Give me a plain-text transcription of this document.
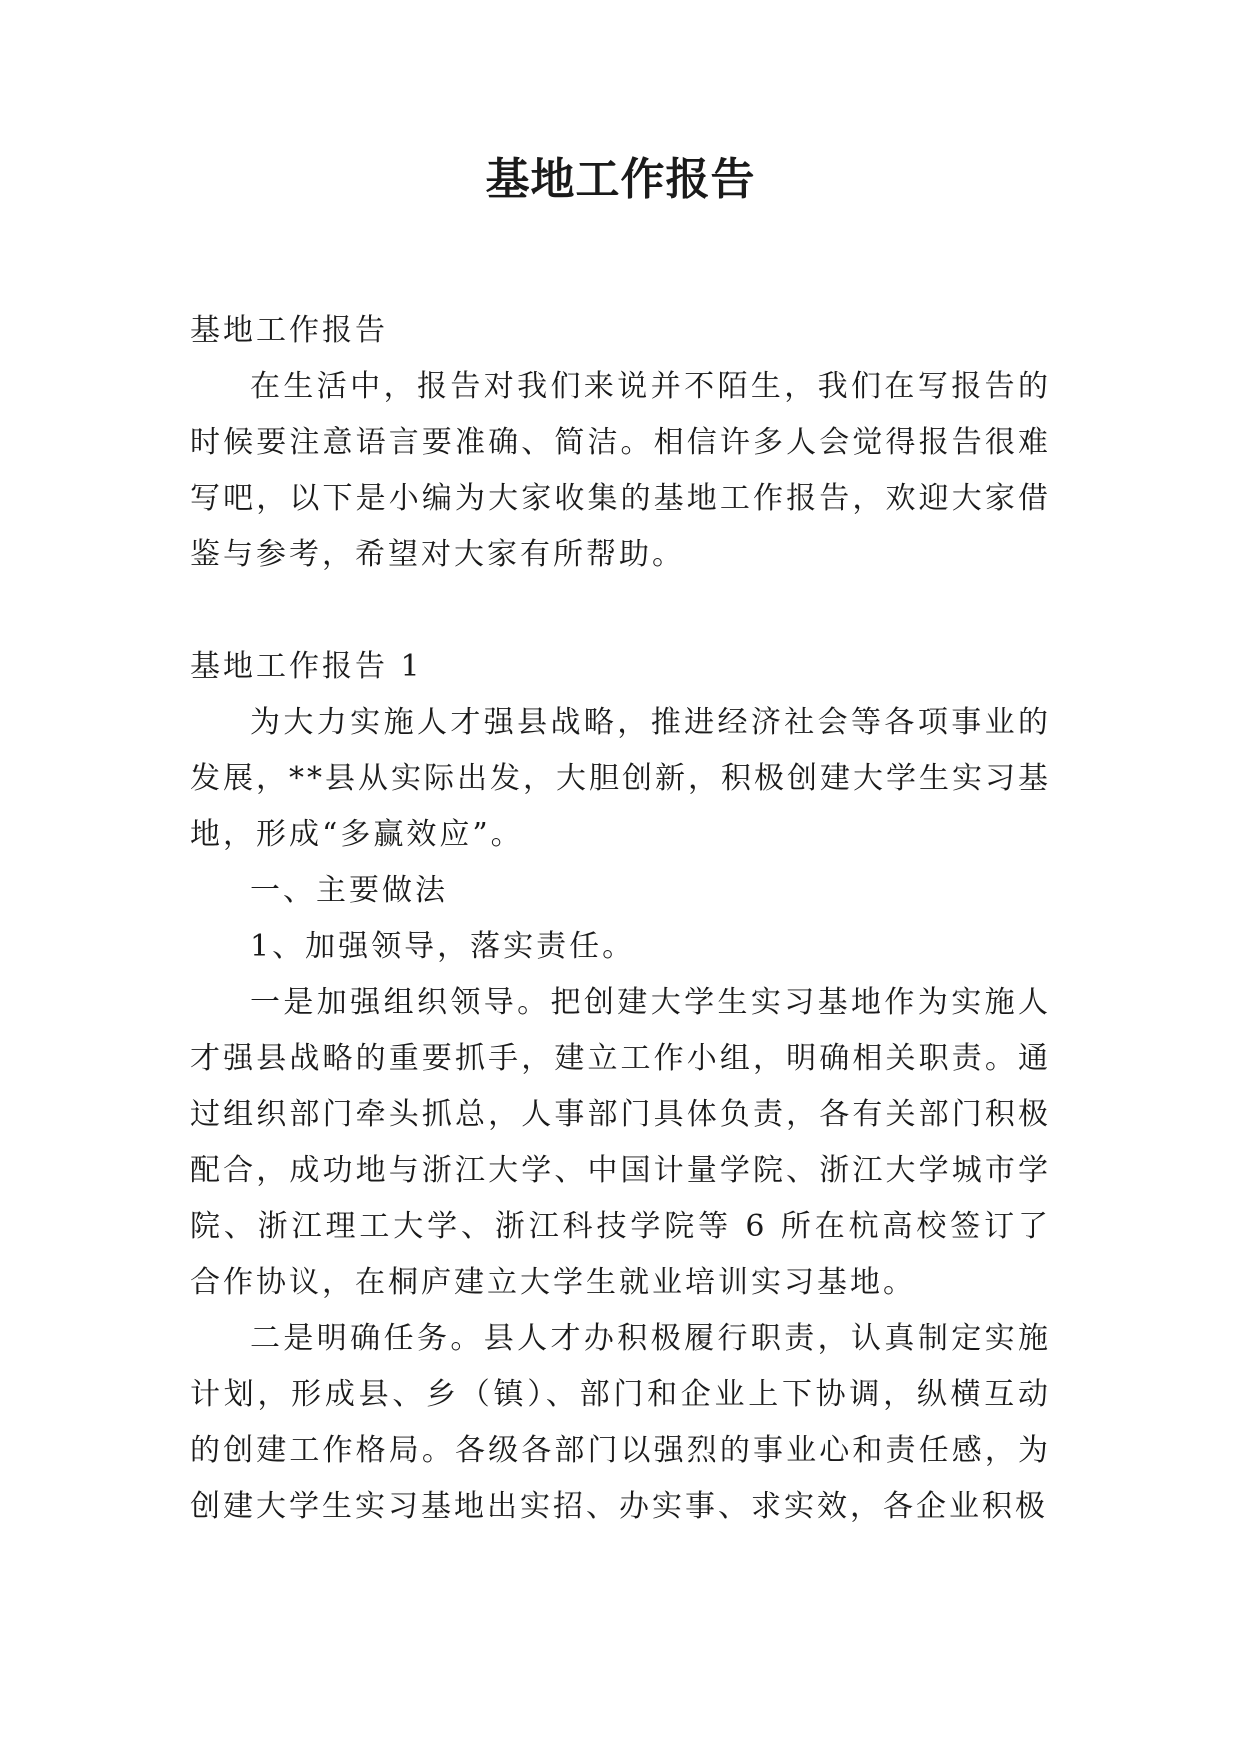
基地工作报告

基地工作报告

在生活中，报告对我们来说并不陌生，我们在写报告的时候要注意语言要准确、简洁。相信许多人会觉得报告很难写吧，以下是小编为大家收集的基地工作报告，欢迎大家借鉴与参考，希望对大家有所帮助。

基地工作报告 1

为大力实施人才强县战略，推进经济社会等各项事业的发展，**县从实际出发，大胆创新，积极创建大学生实习基地，形成“多赢效应”。

一、主要做法

1、加强领导，落实责任。

一是加强组织领导。把创建大学生实习基地作为实施人才强县战略的重要抓手，建立工作小组，明确相关职责。通过组织部门牵头抓总，人事部门具体负责，各有关部门积极配合，成功地与浙江大学、中国计量学院、浙江大学城市学院、浙江理工大学、浙江科技学院等 6 所在杭高校签订了合作协议，在桐庐建立大学生就业培训实习基地。

二是明确任务。县人才办积极履行职责，认真制定实施计划，形成县、乡（镇）、部门和企业上下协调，纵横互动的创建工作格局。各级各部门以强烈的事业心和责任感，为创建大学生实习基地出实招、办实事、求实效，各企业积极
